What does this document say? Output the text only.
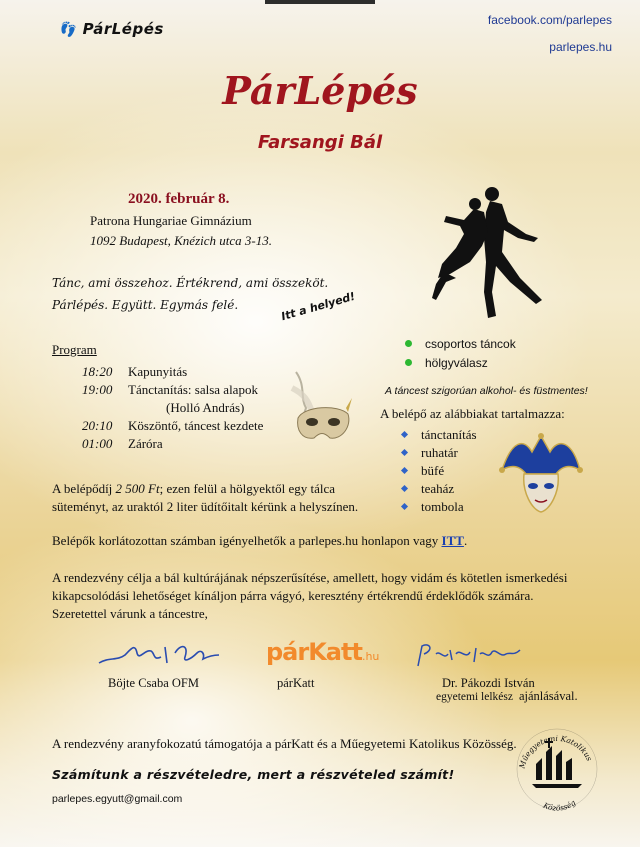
👣 PárLépés	facebook.com/parlepes
parlepes.hu
PárLépés
Farsangi Bál
2020. február 8.
Patrona Hungariae Gimnázium
1092 Budapest, Knézich utca 3-13.
Tánc, ami összehoz. Értékrend, ami összeköt.
Párlépés. Együtt. Egymás felé.	Itt a helyed!
csoportos táncok
hölgyválasz
A táncest szigorúan alkohol- és füstmentes!
Program
18:20 Kapunyitás
19:00 Tánctanítás: salsa alapok
(Holló András)
20:10 Köszöntő, táncest kezdete
01:00 Záróra
A belépő az alábbiakat tartalmazza:
tánctanítás
ruhatár
büfé
teaház
tombola
A belépődíj 2 500 Ft; ezen felül a hölgyektől egy tálca
süteményt, az uraktól 2 liter üdítőitalt kérünk a helyszínen.
Belépők korlátozottan számban igényelhetők a parlepes.hu honlapon vagy ITT.
A rendezvény célja a bál kultúrájának népszerűsítése, amellett, hogy vidám és kötetlen ismerkedési
kikapcsolódási lehetőséget kínáljon párra vágyó, keresztény értékrendű érdeklődők számára.
Szeretettel várunk a táncestre,
Böjte Csaba OFM
párKatt.hu
párKatt	Dr. Pákozdi István
egyetemi lelkész ajánlásával.
A rendezvény aranyfokozatú támogatója a párKatt és a Műegyetemi Katolikus Közösség.
Számítunk a részvételedre, mert a részvételed számít!
parlepes.egyutt@gmail.com
Műegyetemi Katolikus
Közösség
